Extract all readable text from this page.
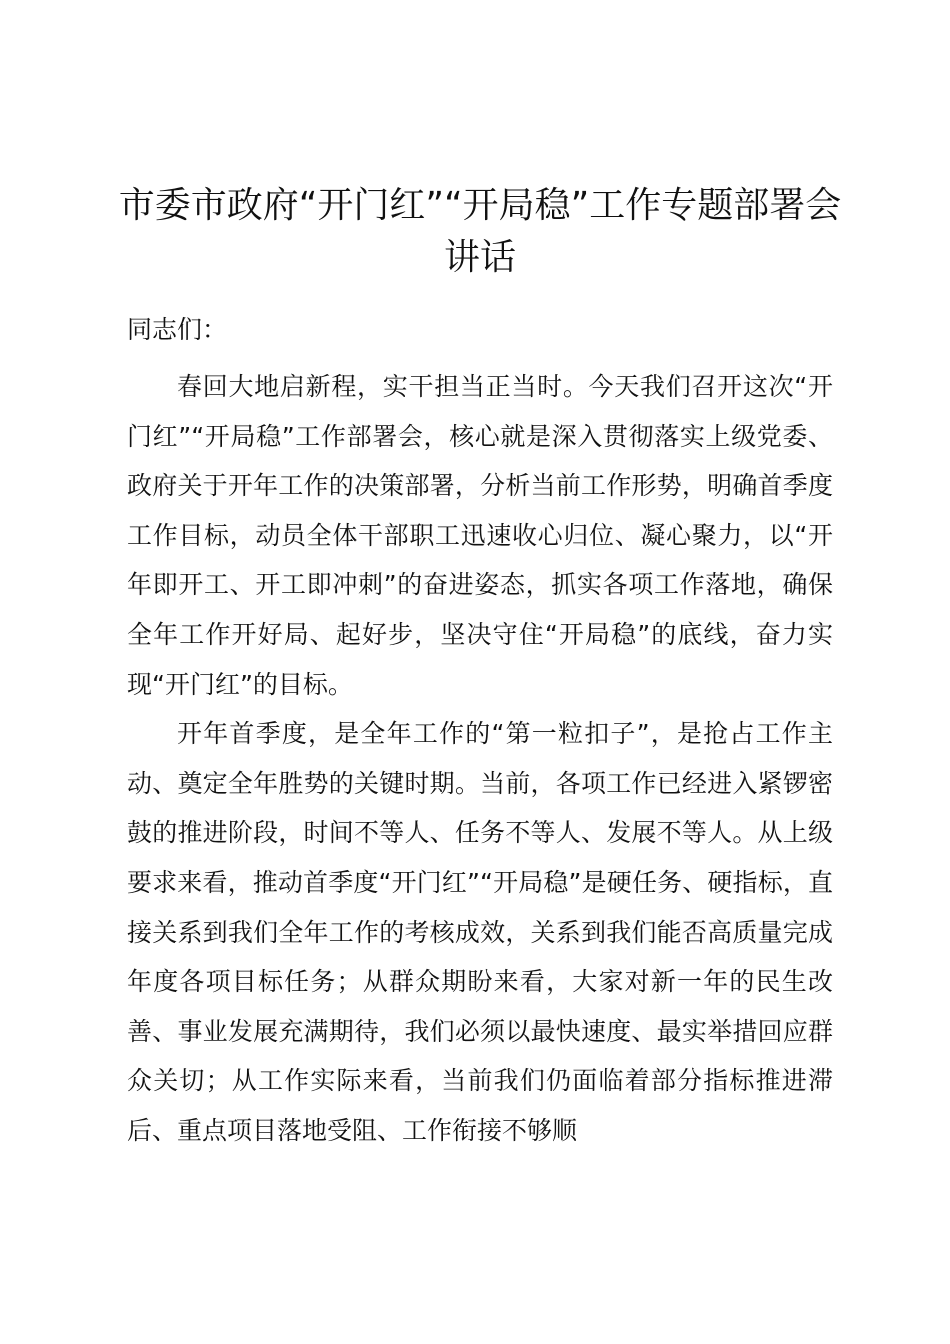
市委市政府“开门红”“开局稳”工作专题部署会讲话
同志们：

春回大地启新程，实干担当正当时。今天我们召开这次“开门红”“开局稳”工作部署会，核心就是深入贯彻落实上级党委、政府关于开年工作的决策部署，分析当前工作形势，明确首季度工作目标，动员全体干部职工迅速收心归位、凝心聚力，以“开年即开工、开工即冲刺”的奋进姿态，抓实各项工作落地，确保全年工作开好局、起好步，坚决守住“开局稳”的底线，奋力实现“开门红”的目标。

开年首季度，是全年工作的“第一粒扣子”，是抢占工作主动、奠定全年胜势的关键时期。当前，各项工作已经进入紧锣密鼓的推进阶段，时间不等人、任务不等人、发展不等人。从上级要求来看，推动首季度“开门红”“开局稳”是硬任务、硬指标，直接关系到我们全年工作的考核成效，关系到我们能否高质量完成年度各项目标任务；从群众期盼来看，大家对新一年的民生改善、事业发展充满期待，我们必须以最快速度、最实举措回应群众关切；从工作实际来看，当前我们仍面临着部分指标推进滞后、重点项目落地受阻、工作衔接不够顺
